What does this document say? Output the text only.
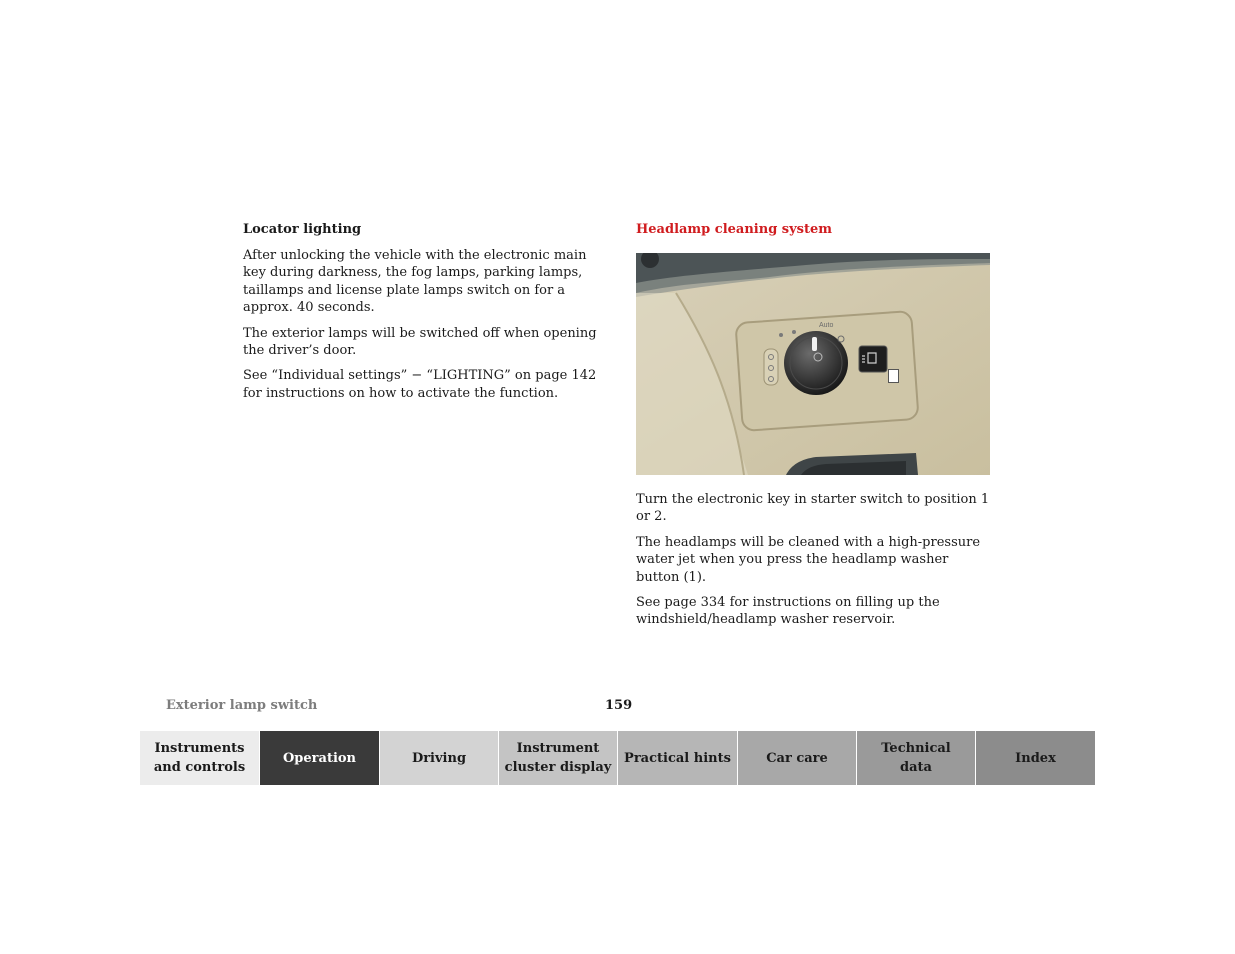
Locator lighting

After unlocking the vehicle with the electronic main key during darkness, the fog lamps, parking lamps, taillamps and license plate lamps switch on for a approx. 40 seconds.

The exterior lamps will be switched off when opening the driver’s door.

See “Individual settings” − “LIGHTING” on page 142 for instructions on how to activate the function.

Headlamp cleaning system
Auto

Turn the electronic key in starter switch to position 1 or 2.

The headlamps will be cleaned with a high-pressure water jet when you press the headlamp washer button (1).

See page 334 for instructions on filling up the windshield/headlamp washer reservoir.

Exterior lamp switch	159
Instruments
and controls
Operation	Driving
Instrument
cluster display
Practical hints	Car care
Technical
data
Index
